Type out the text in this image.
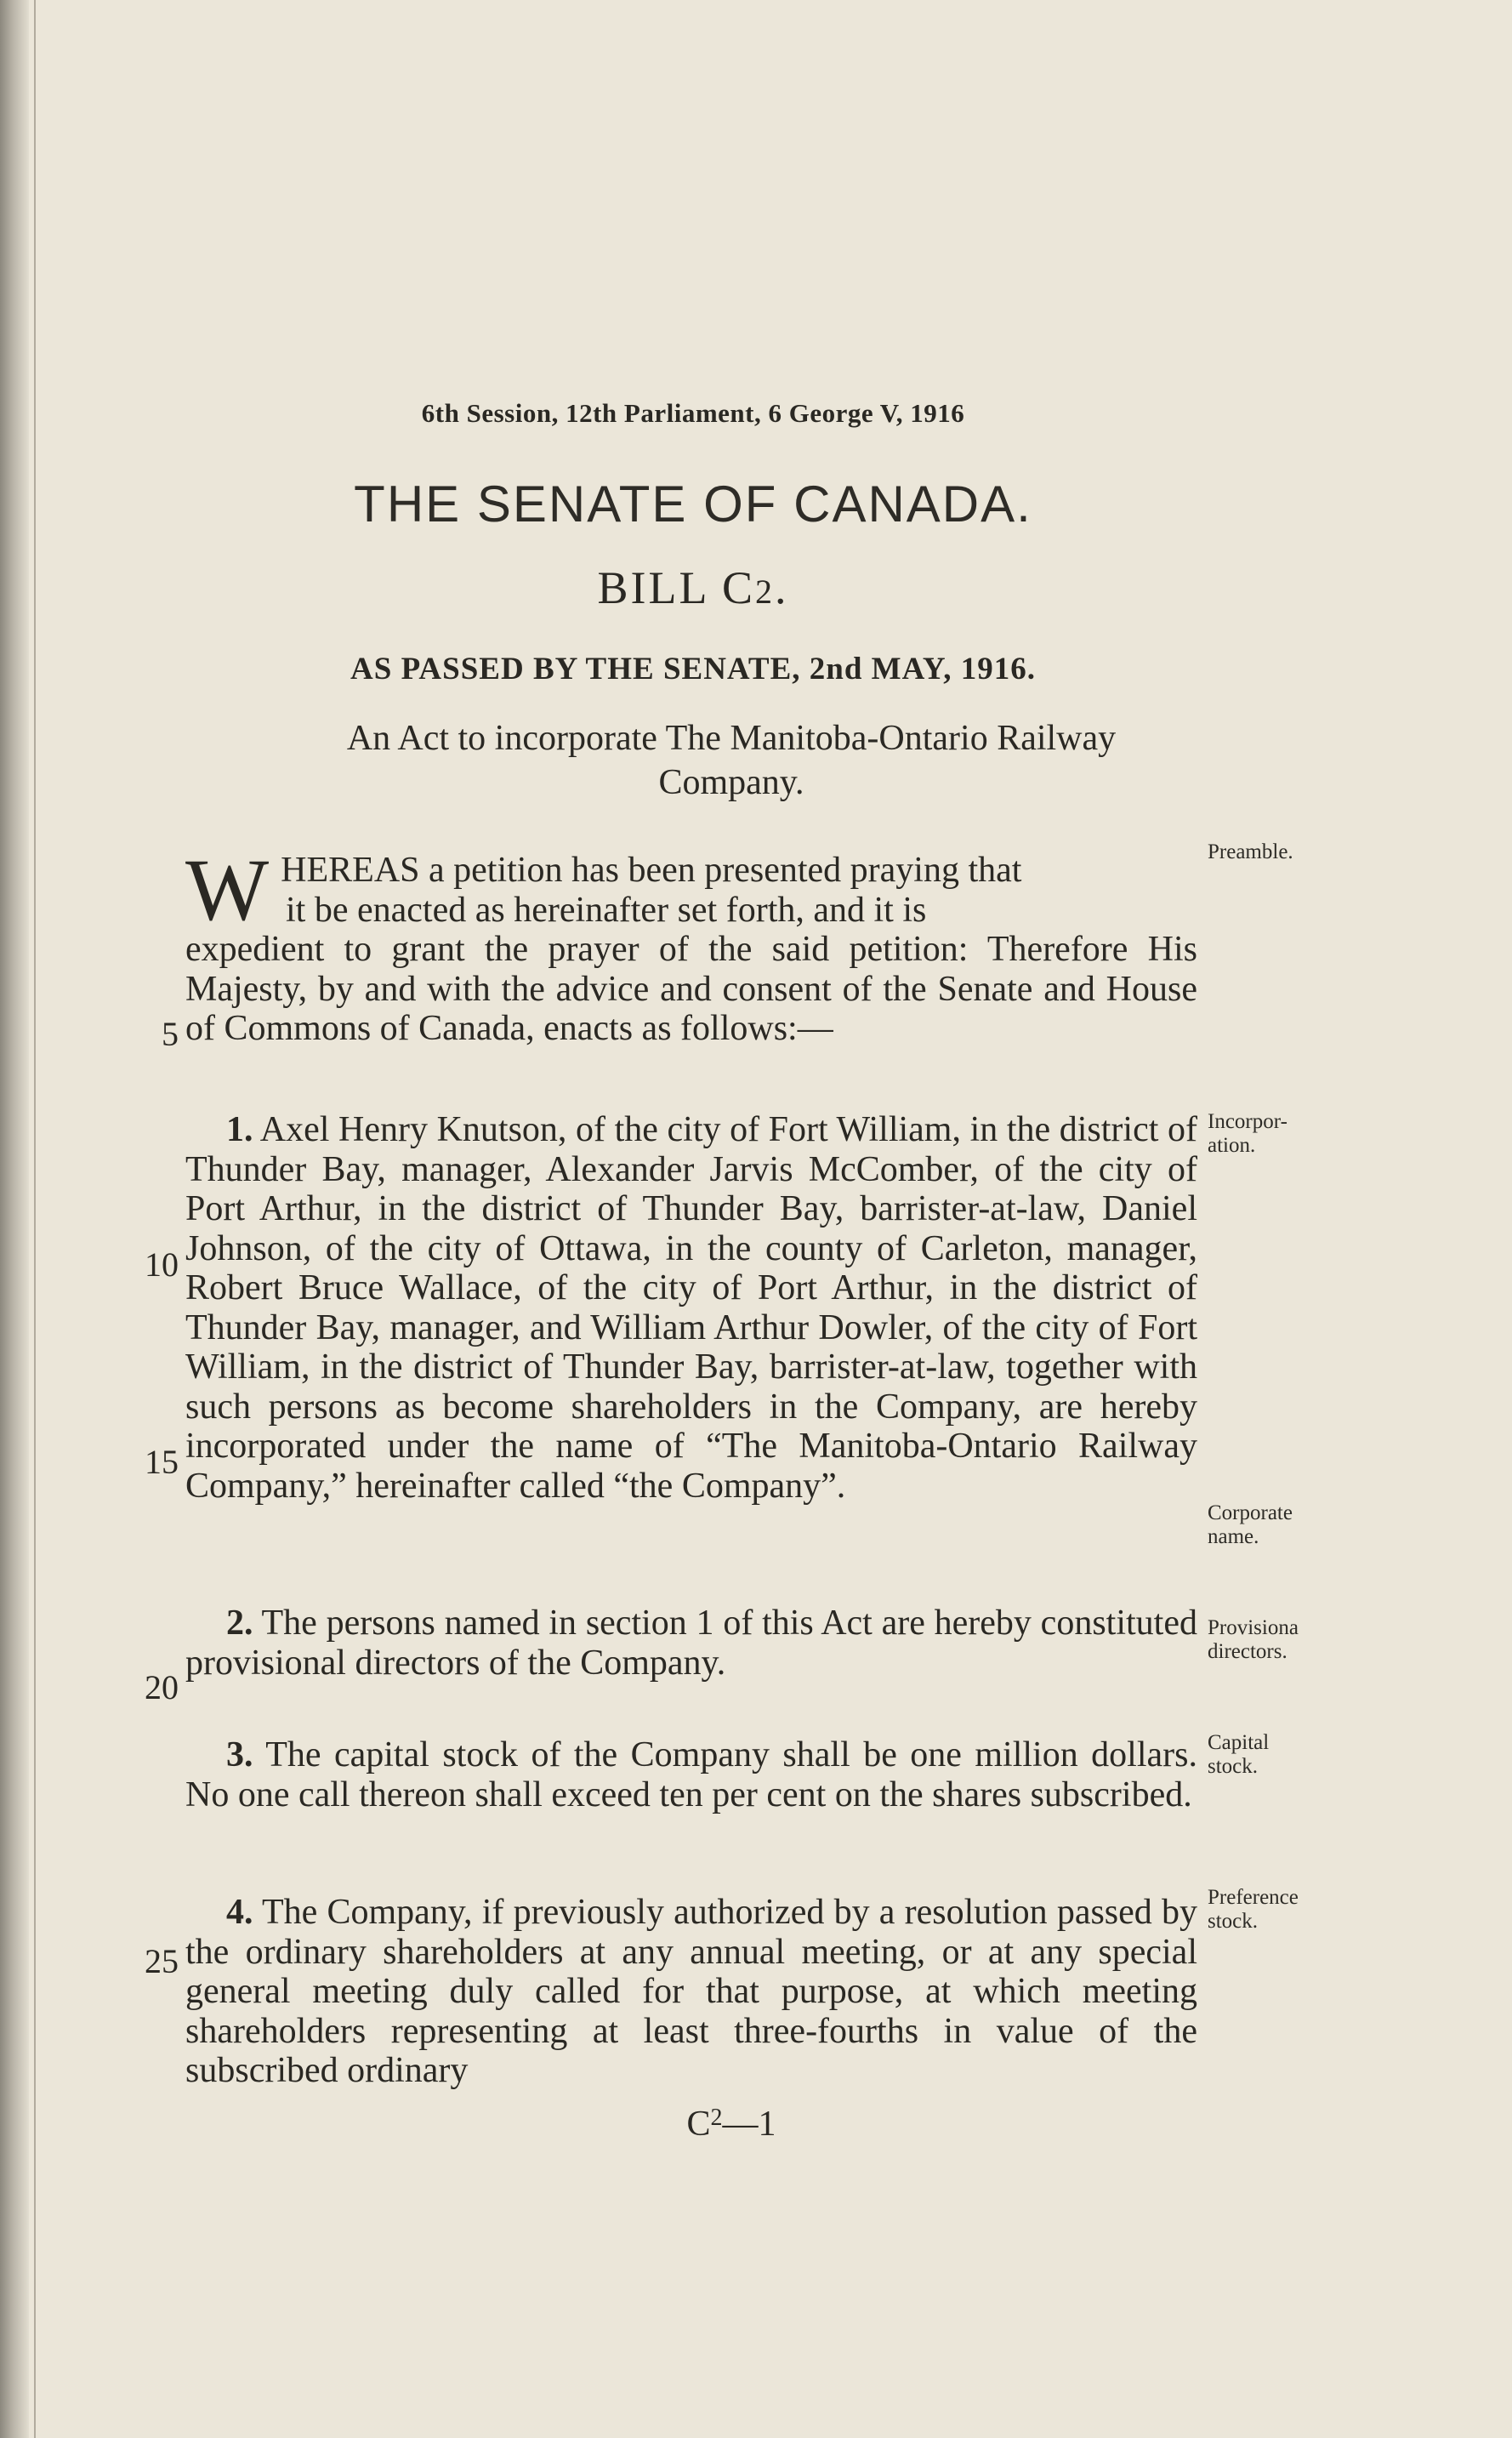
6th Session, 12th Parliament, 6 George V, 1916
THE SENATE OF CANADA.
BILL C2.
AS PASSED BY THE SENATE, 2nd MAY, 1916.
An Act to incorporate The Manitoba-Ontario Railway Company.
W HEREAS a petition has been presented praying that

it be enacted as hereinafter set forth, and it is

expedient to grant the prayer of the said petition: Therefore His Majesty, by and with the advice and consent of the Senate and House of Commons of Canada, enacts as follows:—

1. Axel Henry Knutson, of the city of Fort William, in the district of Thunder Bay, manager, Alexander Jarvis McComber, of the city of Port Arthur, in the district of Thunder Bay, barrister-at-law, Daniel Johnson, of the city of Ottawa, in the county of Carleton, manager, Robert Bruce Wallace, of the city of Port Arthur, in the district of Thunder Bay, manager, and William Arthur Dowler, of the city of Fort William, in the district of Thunder Bay, barrister-at-law, together with such persons as become shareholders in the Company, are hereby incorporated under the name of “The Manitoba-Ontario Railway Company,” hereinafter called “the Company”.

2. The persons named in section 1 of this Act are hereby constituted provisional directors of the Company.

3. The capital stock of the Company shall be one million dollars. No one call thereon shall exceed ten per cent on the shares subscribed.

4. The Company, if previously authorized by a resolution passed by the ordinary shareholders at any annual meeting, or at any special general meeting duly called for that purpose, at which meeting shareholders representing at least three-fourths in value of the subscribed ordinary

5
10
15
20
25
Preamble.
Incorpor-ation.
Corporate name.
Provisiona directors.
Capital stock.
Preference stock.
$C^2—1$
